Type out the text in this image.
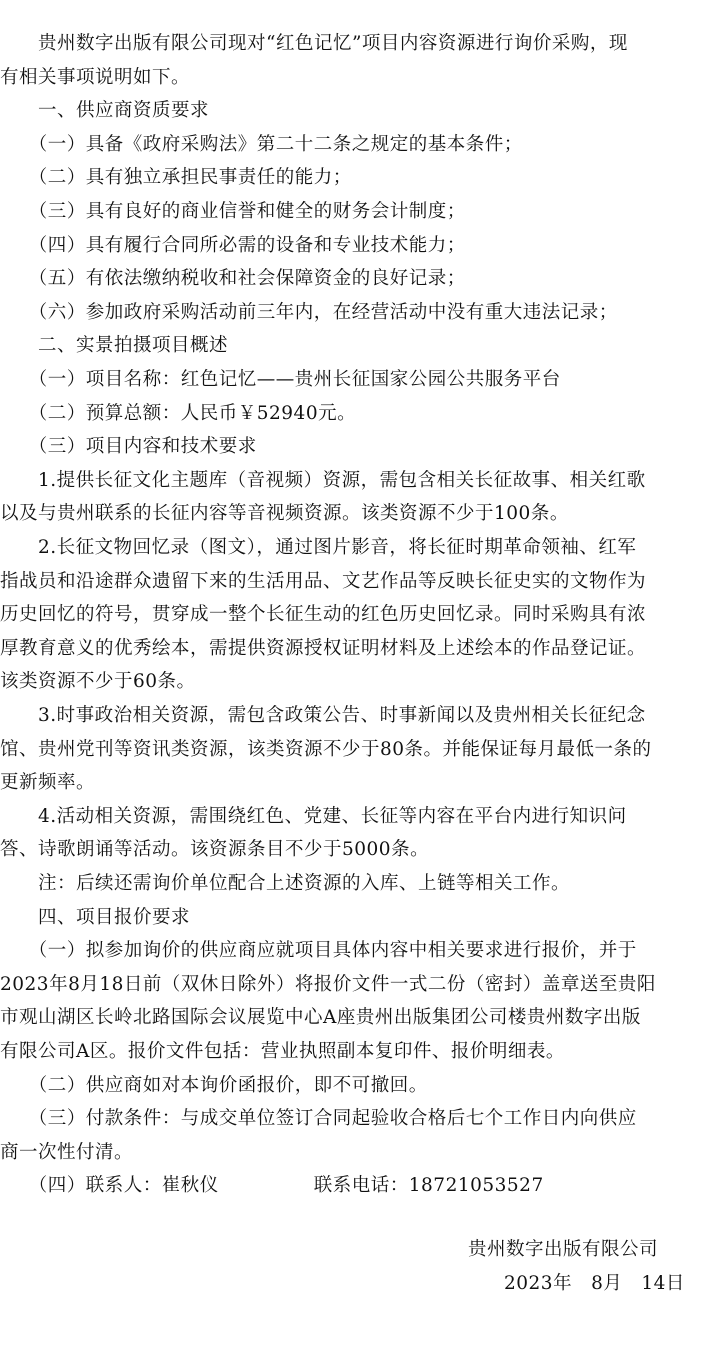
　　贵州数字出版有限公司现对“红色记忆”项目内容资源进行询价采购，现
有相关事项说明如下。
　　一、供应商资质要求
　　（一）具备《政府采购法》第二十二条之规定的基本条件；
　　（二）具有独立承担民事责任的能力；
　　（三）具有良好的商业信誉和健全的财务会计制度；
　　（四）具有履行合同所必需的设备和专业技术能力；
　　（五）有依法缴纳税收和社会保障资金的良好记录；
　　（六）参加政府采购活动前三年内，在经营活动中没有重大违法记录；
　　二、实景拍摄项目概述
　　（一）项目名称：红色记忆——贵州长征国家公园公共服务平台
　　（二）预算总额：人民币￥52940元。
　　（三）项目内容和技术要求
　　1.提供长征文化主题库（音视频）资源，需包含相关长征故事、相关红歌
以及与贵州联系的长征内容等音视频资源。该类资源不少于100条。
　　2.长征文物回忆录（图文），通过图片影音，将长征时期革命领袖、红军
指战员和沿途群众遗留下来的生活用品、文艺作品等反映长征史实的文物作为
历史回忆的符号，贯穿成一整个长征生动的红色历史回忆录。同时采购具有浓
厚教育意义的优秀绘本，需提供资源授权证明材料及上述绘本的作品登记证。
该类资源不少于60条。
　　3.时事政治相关资源，需包含政策公告、时事新闻以及贵州相关长征纪念
馆、贵州党刊等资讯类资源，该类资源不少于80条。并能保证每月最低一条的
更新频率。
　　4.活动相关资源，需围绕红色、党建、长征等内容在平台内进行知识问
答、诗歌朗诵等活动。该资源条目不少于5000条。
　　注：后续还需询价单位配合上述资源的入库、上链等相关工作。
　　四、项目报价要求
　　（一）拟参加询价的供应商应就项目具体内容中相关要求进行报价，并于
2023年8月18日前（双休日除外）将报价文件一式二份（密封）盖章送至贵阳
市观山湖区长岭北路国际会议展览中心A座贵州出版集团公司楼贵州数字出版
有限公司A区。报价文件包括：营业执照副本复印件、报价明细表。
　　（二）供应商如对本询价函报价，即不可撤回。
　　（三）付款条件：与成交单位签订合同起验收合格后七个工作日内向供应
商一次性付清。
　　（四）联系人：崔秋仪　　　　　联系电话：18721053527
贵州数字出版有限公司
2023年　8月　14日
